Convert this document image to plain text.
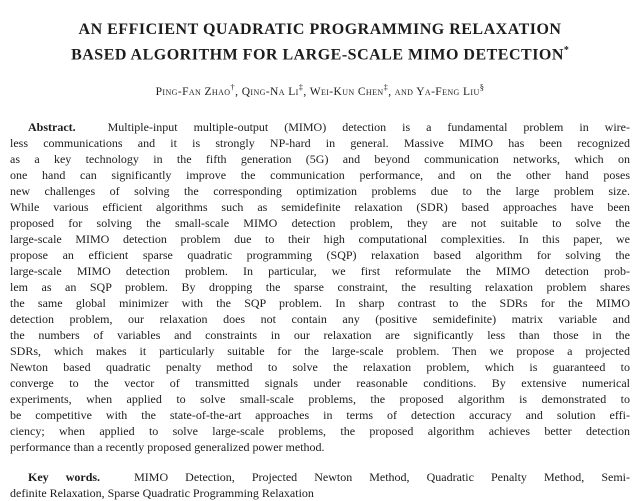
AN EFFICIENT QUADRATIC PROGRAMMING RELAXATION
BASED ALGORITHM FOR LARGE-SCALE MIMO DETECTION*
Ping-Fan Zhao†, Qing-Na Li‡, Wei-Kun Chen‡, and Ya-Feng Liu§
Abstract.  Multiple-input multiple-output (MIMO) detection is a fundamental problem in wire-
less communications and it is strongly NP-hard in general. Massive MIMO has been recognized
as a key technology in the fifth generation (5G) and beyond communication networks, which on
one hand can significantly improve the communication performance, and on the other hand poses
new challenges of solving the corresponding optimization problems due to the large problem size.
While various efficient algorithms such as semidefinite relaxation (SDR) based approaches have been
proposed for solving the small-scale MIMO detection problem, they are not suitable to solve the
large-scale MIMO detection problem due to their high computational complexities. In this paper, we
propose an efficient sparse quadratic programming (SQP) relaxation based algorithm for solving the
large-scale MIMO detection problem. In particular, we first reformulate the MIMO detection prob-
lem as an SQP problem. By dropping the sparse constraint, the resulting relaxation problem shares
the same global minimizer with the SQP problem. In sharp contrast to the SDRs for the MIMO
detection problem, our relaxation does not contain any (positive semidefinite) matrix variable and
the numbers of variables and constraints in our relaxation are significantly less than those in the
SDRs, which makes it particularly suitable for the large-scale problem. Then we propose a projected
Newton based quadratic penalty method to solve the relaxation problem, which is guaranteed to
converge to the vector of transmitted signals under reasonable conditions. By extensive numerical
experiments, when applied to solve small-scale problems, the proposed algorithm is demonstrated to
be competitive with the state-of-the-art approaches in terms of detection accuracy and solution effi-
ciency; when applied to solve large-scale problems, the proposed algorithm achieves better detection
performance than a recently proposed generalized power method.
Key words.  MIMO Detection, Projected Newton Method, Quadratic Penalty Method, Semi-
definite Relaxation, Sparse Quadratic Programming Relaxation
